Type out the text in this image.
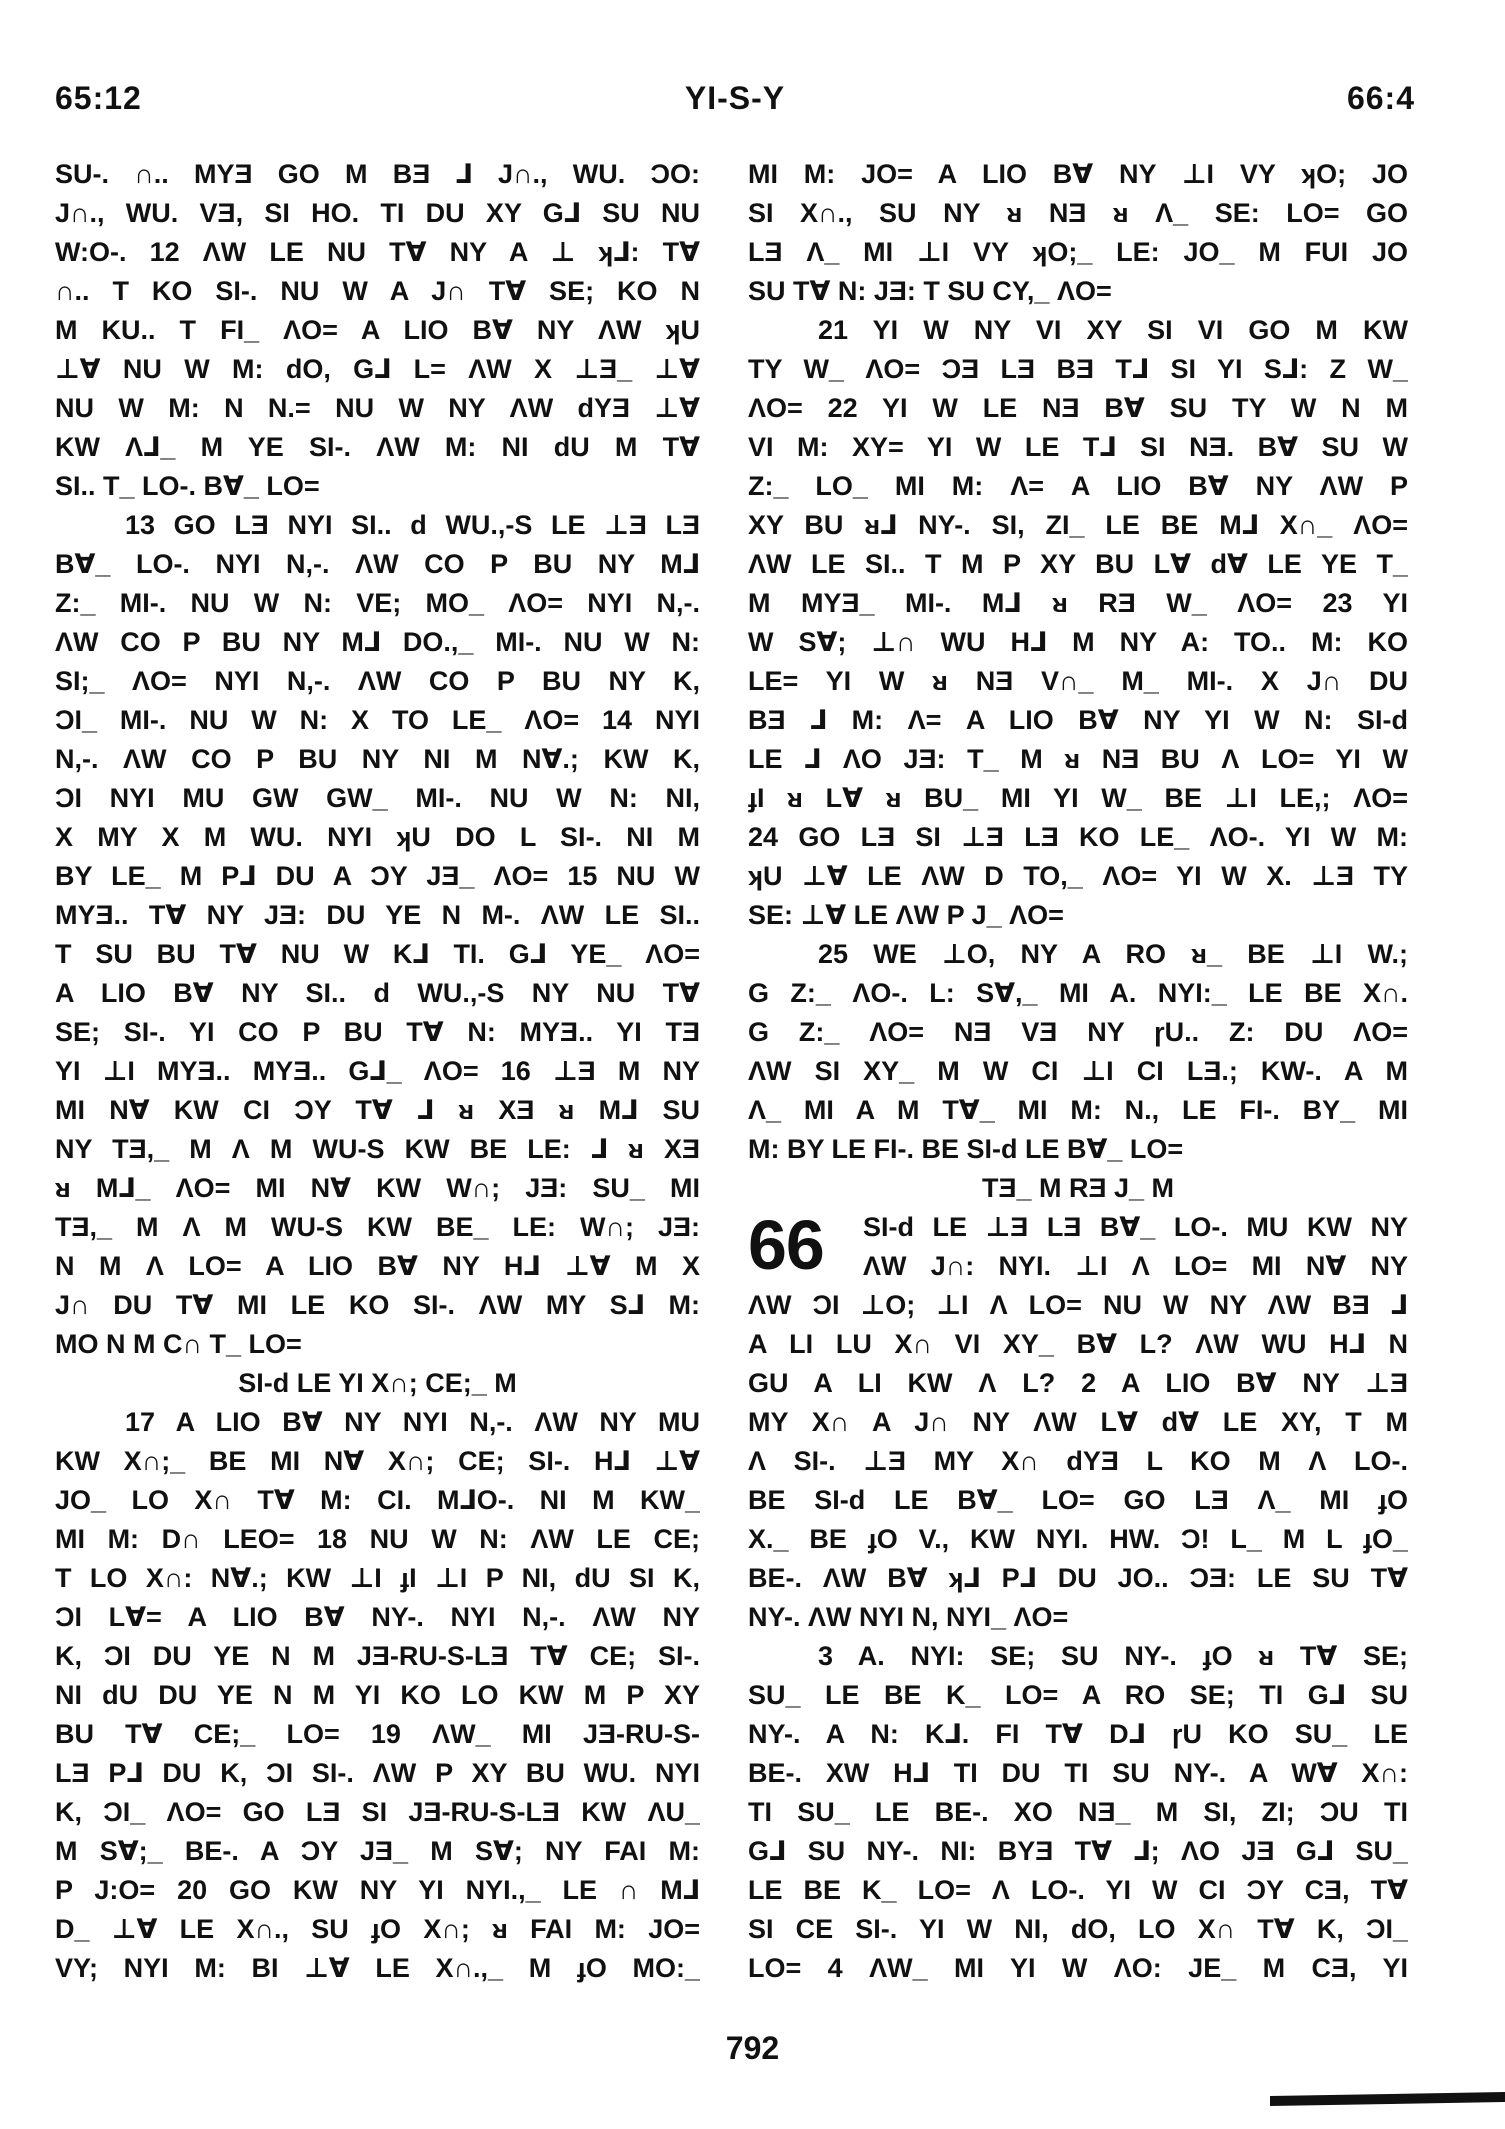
65:12	YI-S-Y	66:4
SU-. ∩.. MYƎ GO M BƎ ⅃ J∩., WU. ƆO:
J∩., WU. VƎ, SI HO. TI DU XY G⅃ SU NU
W:O-. 12 ΛW LE NU T∀ NY A ⊥ ʞ⅃: T∀
∩.. T KO SI-. NU W A J∩ T∀ SE; KO N
M KU.. T FI_ ΛO= A LIO B∀ NY ΛW ʞU
⊥∀ NU W M: dO, G⅃ L= ΛW X ⊥Ǝ_ ⊥∀
NU W M: N N.= NU W NY ΛW dYƎ ⊥∀
KW Λ⅃_ M YE SI-. ΛW M: NI dU M T∀
SI.. T_ LO-. B∀_ LO=
13 GO LƎ NYI SI.. d WU.,-S LE ⊥Ǝ LƎ
B∀_ LO-. NYI N,-. ΛW CO P BU NY M⅃
Z:_ MI-. NU W N: VE; MO_ ΛO= NYI N,-.
ΛW CO P BU NY M⅃ DO.,_ MI-. NU W N:
SI;_ ΛO= NYI N,-. ΛW CO P BU NY K,
ƆI_ MI-. NU W N: X TO LE_ ΛO= 14 NYI
N,-. ΛW CO P BU NY NI M N∀.; KW K,
ƆI NYI MU GW GW_ MI-. NU W N: NI,
X MY X M WU. NYI ʞU DO L SI-. NI M
BY LE_ M P⅃ DU A ƆY JƎ_ ΛO= 15 NU W
MYƎ.. T∀ NY JƎ: DU YE N M-. ΛW LE SI..
T SU BU T∀ NU W K⅃ TI. G⅃ YE_ ΛO=
A LIO B∀ NY SI.. d WU.,-S NY NU T∀
SE; SI-. YI CO P BU T∀ N: MYƎ.. YI TƎ
YI ⊥I MYƎ.. MYƎ.. G⅃_ ΛO= 16 ⊥Ǝ M NY
MI N∀ KW CI ƆY T∀ ⅃ ᴚ XƎ ᴚ M⅃ SU
NY TƎ,_ M Λ M WU-S KW BE LE: ⅃ ᴚ XƎ
ᴚ M⅃_ ΛO= MI N∀ KW W∩; JƎ: SU_ MI
TƎ,_ M Λ M WU-S KW BE_ LE: W∩; JƎ:
N M Λ LO= A LIO B∀ NY H⅃ ⊥∀ M X
J∩ DU T∀ MI LE KO SI-. ΛW MY S⅃ M:
MO N M C∩ T_ LO=
SI-d LE YI X∩; CE;_ M
17 A LIO B∀ NY NYI N,-. ΛW NY MU
KW X∩;_ BE MI N∀ X∩; CE; SI-. H⅃ ⊥∀
JO_ LO X∩ T∀ M: CI. M⅃O-. NI M KW_
MI M: D∩ LEO= 18 NU W N: ΛW LE CE;
T LO X∩: N∀.; KW ⊥I ɟI ⊥I P NI, dU SI K,
ƆI L∀= A LIO B∀ NY-. NYI N,-. ΛW NY
K, ƆI DU YE N M JƎ-RU-S-LƎ T∀ CE; SI-.
NI dU DU YE N M YI KO LO KW M P XY
BU T∀ CE;_ LO= 19 ΛW_ MI JƎ-RU-S-
LƎ P⅃ DU K, ƆI SI-. ΛW P XY BU WU. NYI
K, ƆI_ ΛO= GO LƎ SI JƎ-RU-S-LƎ KW ΛU_
M S∀;_ BE-. A ƆY JƎ_ M S∀; NY FAI M:
P J:O= 20 GO KW NY YI NYI.,_ LE ∩ M⅃
D_ ⊥∀ LE X∩., SU ɟO X∩; ᴚ FAI M: JO=
VY; NYI M: BI ⊥∀ LE X∩.,_ M ɟO MO:_
MI M: JO= A LIO B∀ NY ⊥I VY ʞO; JO
SI X∩., SU NY ᴚ NƎ ᴚ Λ_ SE: LO= GO
LƎ Λ_ MI ⊥I VY ʞO;_ LE: JO_ M FUI JO
SU T∀ N: JƎ: T SU CY,_ ΛO=
21 YI W NY VI XY SI VI GO M KW
TY W_ ΛO= ƆƎ LƎ BƎ T⅃ SI YI S⅃: Z W_
ΛO= 22 YI W LE NƎ B∀ SU TY W N M
VI M: XY= YI W LE T⅃ SI NƎ. B∀ SU W
Z:_ LO_ MI M: Λ= A LIO B∀ NY ΛW P
XY BU ᴚ⅃ NY-. SI, ZI_ LE BE M⅃ X∩_ ΛO=
ΛW LE SI.. T M P XY BU L∀ d∀ LE YE T_
M MYƎ_ MI-. M⅃ ᴚ RƎ W_ ΛO= 23 YI
W S∀; ⊥∩ WU H⅃ M NY A: TO.. M: KO
LE= YI W ᴚ NƎ V∩_ M_ MI-. X J∩ DU
BƎ ⅃ M: Λ= A LIO B∀ NY YI W N: SI-d
LE ⅃ ΛO JƎ: T_ M ᴚ NƎ BU Λ LO= YI W
ɟI ᴚ L∀ ᴚ BU_ MI YI W_ BE ⊥I LE,; ΛO=
24 GO LƎ SI ⊥Ǝ LƎ KO LE_ ΛO-. YI W M:
ʞU ⊥∀ LE ΛW D TO,_ ΛO= YI W X. ⊥Ǝ TY
SE: ⊥∀ LE ΛW P J_ ΛO=
25 WE ⊥O, NY A RO ᴚ_ BE ⊥I W.;
G Z:_ ΛO-. L: S∀,_ MI A. NYI:_ LE BE X∩.
G Z:_ ΛO= NƎ VƎ NY ɼU.. Z: DU ΛO=
ΛW SI XY_ M W CI ⊥I CI LƎ.; KW-. A M
Λ_ MI A M T∀_ MI M: N., LE FI-. BY_ MI
M: BY LE FI-. BE SI-d LE B∀_ LO=
TƎ_ M RƎ J_ M
66	SI-d LE ⊥Ǝ LƎ B∀_ LO-. MU KW NY
ΛW J∩: NYI. ⊥I Λ LO= MI N∀ NY
ΛW ƆI ⊥O; ⊥I Λ LO= NU W NY ΛW BƎ ⅃
A LI LU X∩ VI XY_ B∀ L? ΛW WU H⅃ N
GU A LI KW Λ L? 2 A LIO B∀ NY ⊥Ǝ
MY X∩ A J∩ NY ΛW L∀ d∀ LE XY, T M
Λ SI-. ⊥Ǝ MY X∩ dYƎ L KO M Λ LO-.
BE SI-d LE B∀_ LO= GO LƎ Λ_ MI ɟO
X._ BE ɟO V., KW NYI. HW. Ɔ! L_ M L ɟO_
BE-. ΛW B∀ ʞ⅃ P⅃ DU JO.. ƆƎ: LE SU T∀
NY-. ΛW NYI N, NYI_ ΛO=
3 A. NYI: SE; SU NY-. ɟO ᴚ T∀ SE;
SU_ LE BE K_ LO= A RO SE; TI G⅃ SU
NY-. A N: K⅃. FI T∀ D⅃ ɼU KO SU_ LE
BE-. XW H⅃ TI DU TI SU NY-. A W∀ X∩:
TI SU_ LE BE-. XO NƎ_ M SI, ZI; ƆU TI
G⅃ SU NY-. NI: BYƎ T∀ ⅃; ΛO JƎ G⅃ SU_
LE BE K_ LO= Λ LO-. YI W CI ƆY CƎ, T∀
SI CE SI-. YI W NI, dO, LO X∩ T∀ K, ƆI_
LO= 4 ΛW_ MI YI W ΛO: JE_ M CƎ, YI
792
